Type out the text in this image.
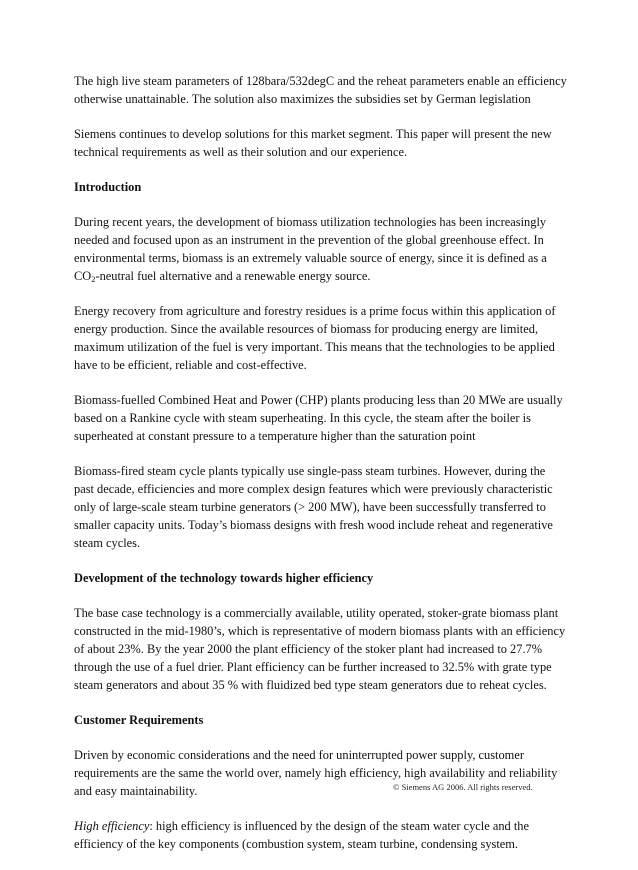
The high live steam parameters of 128bara/532degC and the reheat parameters enable an efficiency otherwise unattainable. The solution also maximizes the subsidies set by German legislation

Siemens continues to develop solutions for this market segment. This paper will present the new technical requirements as well as their solution and our experience.

Introduction

During recent years, the development of biomass utilization technologies has been increasingly needed and focused upon as an instrument in the prevention of the global greenhouse effect. In environmental terms, biomass is an extremely valuable source of energy, since it is defined as a $CO_2$-neutral fuel alternative and a renewable energy source.

Energy recovery from agriculture and forestry residues is a prime focus within this application of energy production. Since the available resources of biomass for producing energy are limited, maximum utilization of the fuel is very important. This means that the technologies to be applied have to be efficient, reliable and cost-effective.

Biomass-fuelled Combined Heat and Power (CHP) plants producing less than 20 MWe are usually based on a Rankine cycle with steam superheating. In this cycle, the steam after the boiler is superheated at constant pressure to a temperature higher than the saturation point

Biomass-fired steam cycle plants typically use single-pass steam turbines. However, during the past decade, efficiencies and more complex design features which were previously characteristic only of large-scale steam turbine generators (> 200 MW), have been successfully transferred to smaller capacity units. Today’s biomass designs with fresh wood include reheat and regenerative steam cycles.

Development of the technology towards higher efficiency

The base case technology is a commercially available, utility operated, stoker-grate biomass plant constructed in the mid-1980’s, which is representative of modern biomass plants with an efficiency of about 23%. By the year 2000 the plant efficiency of the stoker plant had increased to 27.7% through the use of a fuel drier. Plant efficiency can be further increased to 32.5% with grate type steam generators and about 35 % with fluidized bed type steam generators due to reheat cycles.

Customer Requirements

Driven by economic considerations and the need for uninterrupted power supply, customer requirements are the same the world over, namely high efficiency, high availability and reliability and easy maintainability.

High efficiency: high efficiency is influenced by the design of the steam water cycle and the efficiency of the key components (combustion system, steam turbine, condensing system.

© Siemens AG 2006. All rights reserved.
